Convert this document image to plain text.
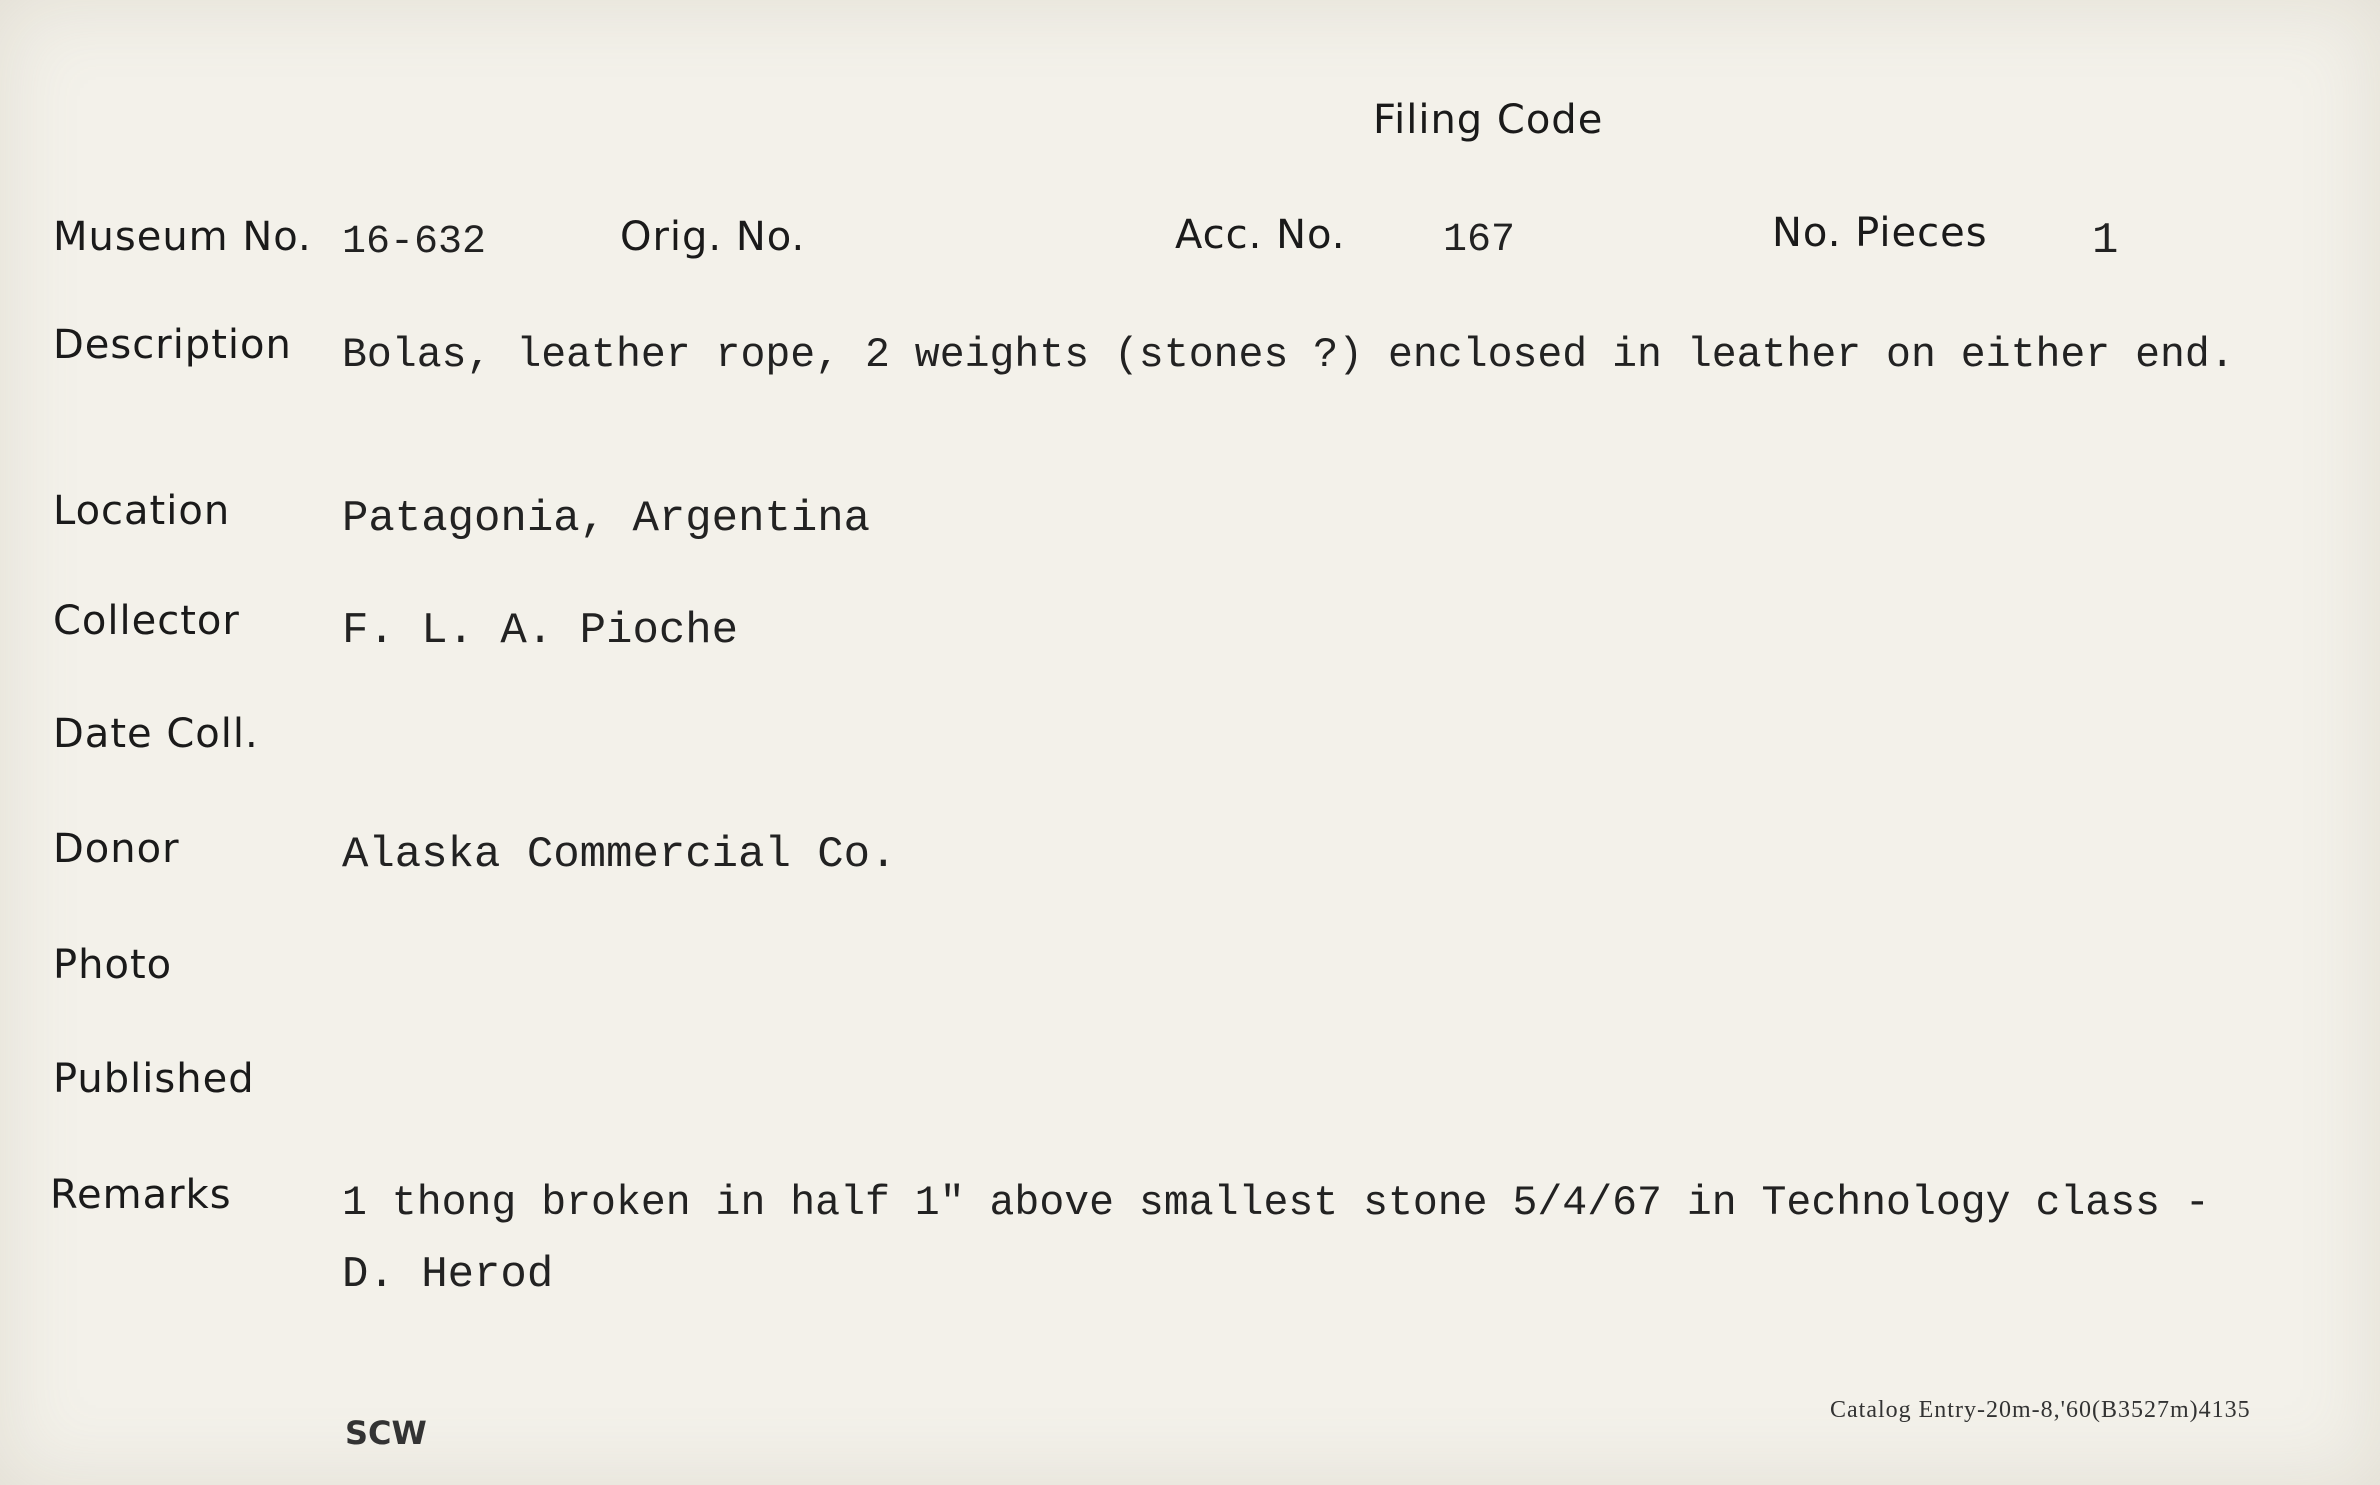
Filing Code
Museum No. 16-632	Orig. No.	Acc. No. 167	No. Pieces 1
Description Bolas, leather rope, 2 weights (stones ?) enclosed in leather on either end.
Location	Patagonia, Argentina
Collector F. L. A. Pioche
Date Coll.
Donor	Alaska Commercial Co.
Photo
Published
Remarks	1 thong broken in half 1" above smallest stone 5/4/67 in Technology class -
D. Herod
SCW
Catalog Entry-20m-8,'60(B3527m)4135
